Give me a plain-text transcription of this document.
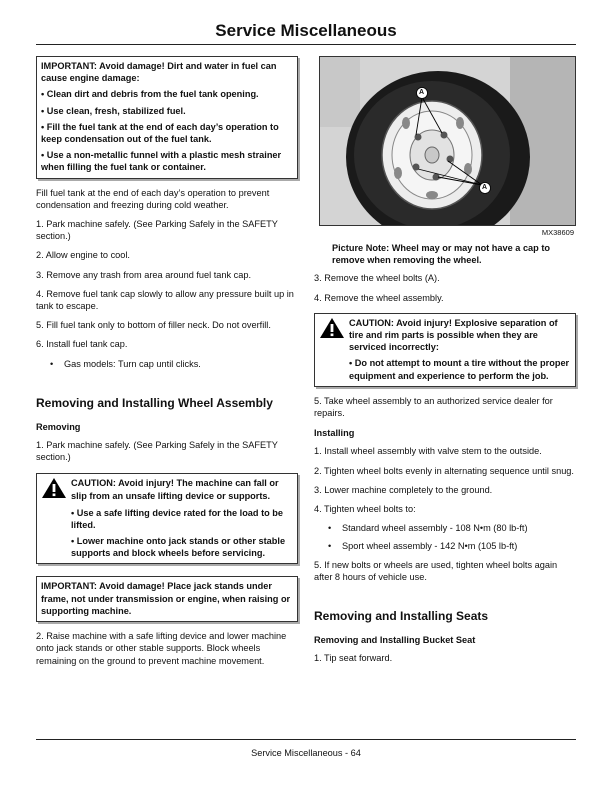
Service Miscellaneous

IMPORTANT: Avoid damage! Dirt and water in fuel can cause engine damage:

• Clean dirt and debris from the fuel tank opening.

• Use clean, fresh, stabilized fuel.

• Fill the fuel tank at the end of each day’s operation to keep condensation out of the fuel tank.

• Use a non-metallic funnel with a plastic mesh strainer when filling the fuel tank or container.

Fill fuel tank at the end of each day’s operation to prevent condensation and freezing during cold weather.

1. Park machine safely. (See Parking Safely in the SAFETY section.)

2. Allow engine to cool.

3. Remove any trash from area around fuel tank cap.

4. Remove fuel tank cap slowly to allow any pressure built up in tank to escape.

5. Fill fuel tank only to bottom of filler neck. Do not overfill.

6. Install fuel tank cap.

•	Gas models: Turn cap until clicks.
Removing and Installing Wheel Assembly
Removing

1. Park machine safely. (See Parking Safely in the SAFETY section.)

CAUTION: Avoid injury! The machine can fall or slip from an unsafe lifting device or supports.

• Use a safe lifting device rated for the load to be lifted.

• Lower machine onto jack stands or other stable supports and block wheels before servicing.

IMPORTANT: Avoid damage! Place jack stands under frame, not under transmission or engine, when raising or supporting machine.

2. Raise machine with a safe lifting device and lower machine onto jack stands or other stable supports. Block wheels remaining on the ground to prevent machine movement.

A
A
MX38609

Picture Note: Wheel may or may not have a cap to remove when removing the wheel.

3. Remove the wheel bolts (A).

4. Remove the wheel assembly.

CAUTION: Avoid injury! Explosive separation of tire and rim parts is possible when they are serviced incorrectly:

• Do not attempt to mount a tire without the proper equipment and experience to perform the job.

5. Take wheel assembly to an authorized service dealer for repairs.

Installing

1. Install wheel assembly with valve stem to the outside.

2. Tighten wheel bolts evenly in alternating sequence until snug.

3. Lower machine completely to the ground.

4. Tighten wheel bolts to:

•	Standard wheel assembly - 108 N•m (80 lb-ft)
•	Sport wheel assembly - 142 N•m (105 lb-ft)

5. If new bolts or wheels are used, tighten wheel bolts again after 8 hours of vehicle use.

Removing and Installing Seats
Removing and Installing Bucket Seat

1. Tip seat forward.

Service Miscellaneous - 64
